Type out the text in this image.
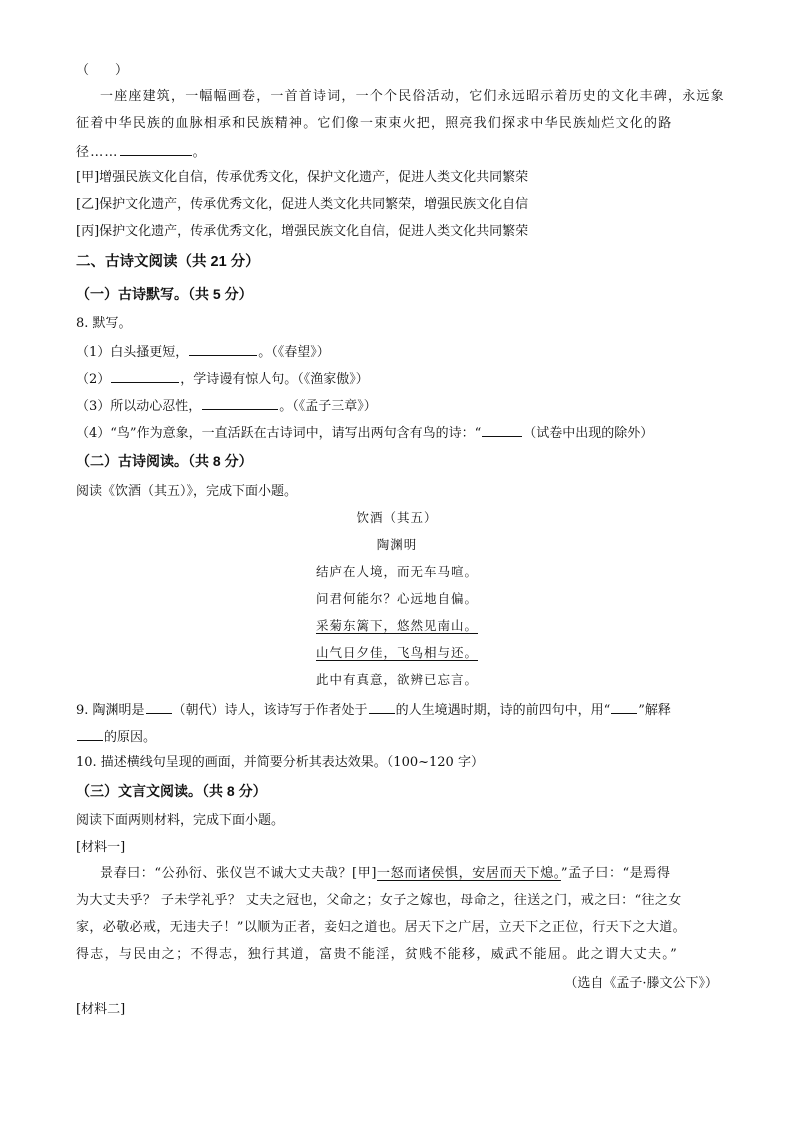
（　　）
一座座建筑，一幅幅画卷，一首首诗词，一个个民俗活动，它们永远昭示着历史的文化丰碑，永远象
征着中华民族的血脉相承和民族精神。它们像一束束火把，照亮我们探求中华民族灿烂文化的路
径……	。
[甲]增强民族文化自信，传承优秀文化，保护文化遗产，促进人类文化共同繁荣
[乙]保护文化遗产，传承优秀文化，促进人类文化共同繁荣，增强民族文化自信
[丙]保护文化遗产，传承优秀文化，增强民族文化自信，促进人类文化共同繁荣
二、古诗文阅读（共 21 分）
（一）古诗默写。（共 5 分）
8. 默写。
（1）白头搔更短，	。（《春望》）
（2）	，学诗谩有惊人句。（《渔家傲》）
（3）所以动心忍性，	。（《孟子三章》）
（4）“鸟”作为意象，一直活跃在古诗词中，请写出两句含有鸟的诗：“	（试卷中出现的除外）
（二）古诗阅读。（共 8 分）
阅读《饮酒（其五）》，完成下面小题。
饮酒（其五）
陶渊明
结庐在人境，而无车马喧。
问君何能尔？心远地自偏。
采菊东篱下，悠然见南山。
山气日夕佳，飞鸟相与还。
此中有真意，欲辨已忘言。
9. 陶渊明是 （朝代）诗人，该诗写于作者处于 的人生境遇时期，诗的前四句中，用“ ”解释
的原因。
10. 描述横线句呈现的画面，并简要分析其表达效果。（100~120 字）
（三）文言文阅读。（共 8 分）
阅读下面两则材料，完成下面小题。
[材料一]
景春曰：“公孙衍、张仪岂不诚大丈夫哉？[甲]一怒而诸侯惧，安居而天下熄。”孟子曰：“是焉得
为大丈夫乎？ 子未学礼乎？ 丈夫之冠也，父命之；女子之嫁也，母命之，往送之门，戒之曰：“往之女
家，必敬必戒，无违夫子！”以顺为正者，妾妇之道也。居天下之广居，立天下之正位，行天下之大道。
得志，与民由之；不得志，独行其道，富贵不能淫，贫贱不能移，威武不能屈。此之谓大丈夫。”
（选自《孟子·滕文公下》）
[材料二]
